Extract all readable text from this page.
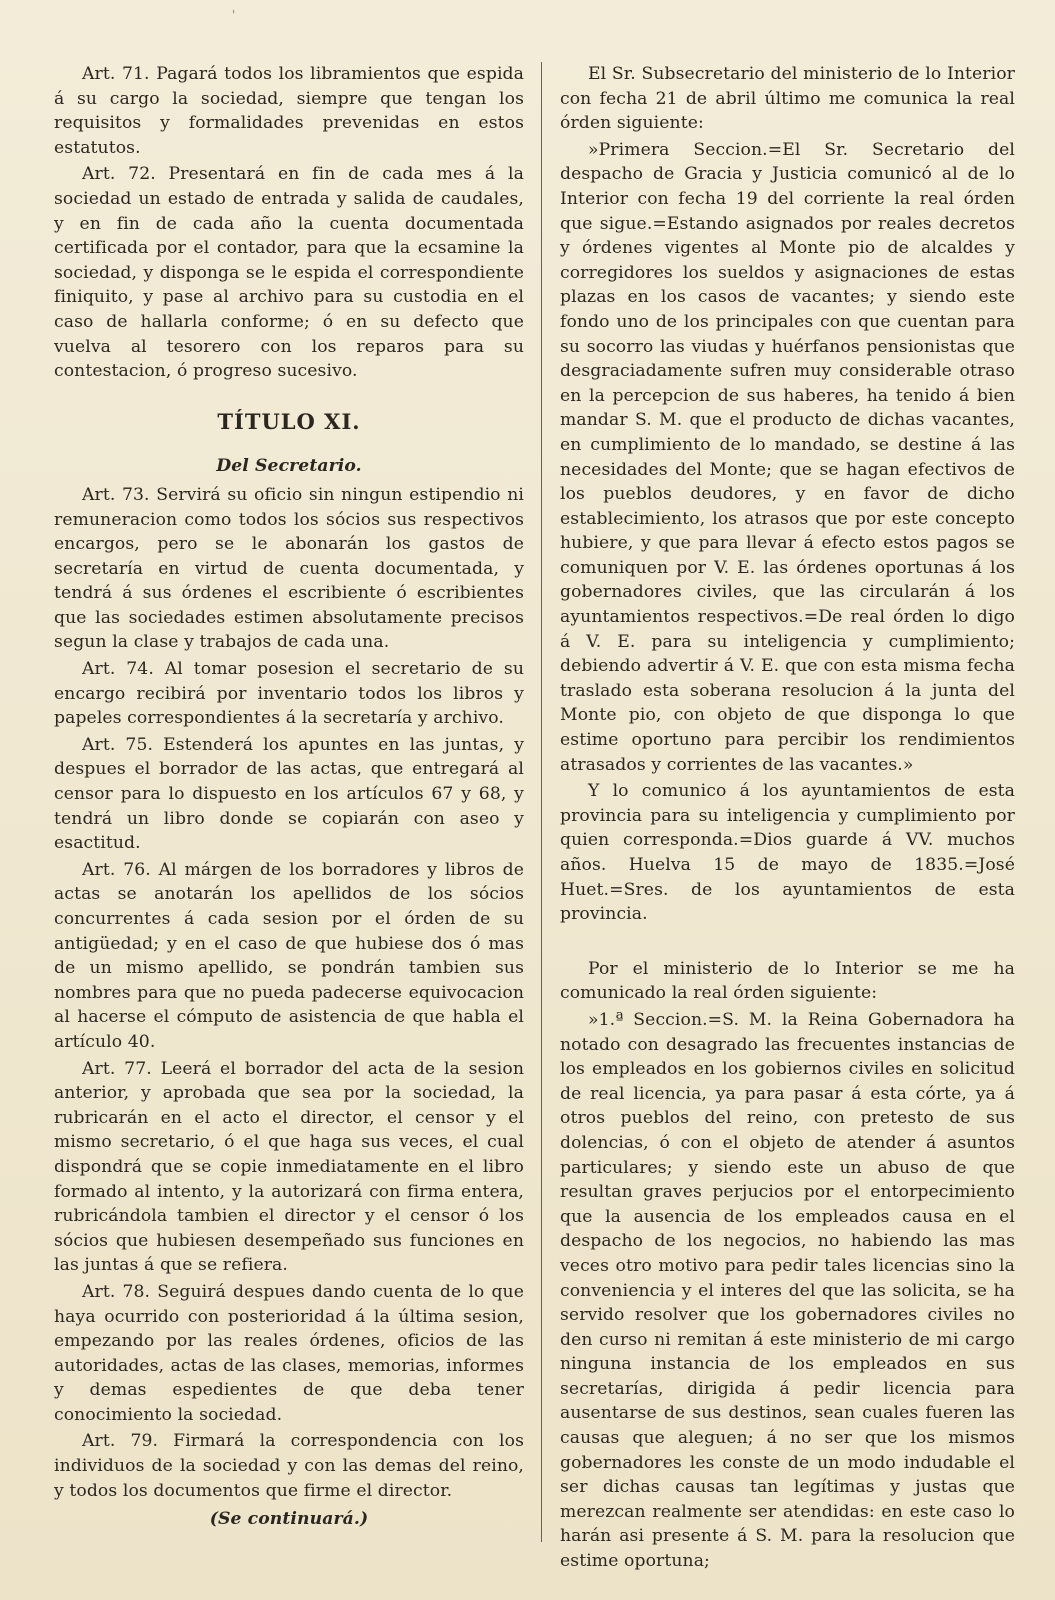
'

Art. 71. Pagará todos los libramientos que espida á su cargo la sociedad, siempre que tengan los requisitos y formalidades prevenidas en estos estatutos.

Art. 72. Presentará en fin de cada mes á la sociedad un estado de entrada y salida de caudales, y en fin de cada año la cuenta documentada certificada por el contador, para que la ecsamine la sociedad, y disponga se le espida el correspondiente finiquito, y pase al archivo para su custodia en el caso de hallarla conforme; ó en su defecto que vuelva al tesorero con los reparos para su contestacion, ó progreso sucesivo.

TÍTULO XI.
Del Secretario.

Art. 73. Servirá su oficio sin ningun estipendio ni remuneracion como todos los sócios sus respectivos encargos, pero se le abonarán los gastos de secretaría en virtud de cuenta documentada, y tendrá á sus órdenes el escribiente ó escribientes que las sociedades estimen absolutamente precisos segun la clase y trabajos de cada una.

Art. 74. Al tomar posesion el secretario de su encargo recibirá por inventario todos los libros y papeles correspondientes á la secretaría y archivo.

Art. 75. Estenderá los apuntes en las juntas, y despues el borrador de las actas, que entregará al censor para lo dispuesto en los artículos 67 y 68, y tendrá un libro donde se copiarán con aseo y esactitud.

Art. 76. Al márgen de los borradores y libros de actas se anotarán los apellidos de los sócios concurrentes á cada sesion por el órden de su antigüedad; y en el caso de que hubiese dos ó mas de un mismo apellido, se pondrán tambien sus nombres para que no pueda padecerse equivocacion al hacerse el cómputo de asistencia de que habla el artículo 40.

Art. 77. Leerá el borrador del acta de la sesion anterior, y aprobada que sea por la sociedad, la rubricarán en el acto el director, el censor y el mismo secretario, ó el que haga sus veces, el cual dispondrá que se copie inmediatamente en el libro formado al intento, y la autorizará con firma entera, rubricándola tambien el director y el censor ó los sócios que hubiesen desempeñado sus funciones en las juntas á que se refiera.

Art. 78. Seguirá despues dando cuenta de lo que haya ocurrido con posterioridad á la última sesion, empezando por las reales órdenes, oficios de las autoridades, actas de las clases, memorias, informes y demas espedientes de que deba tener conocimiento la sociedad.

Art. 79. Firmará la correspondencia con los individuos de la sociedad y con las demas del reino, y todos los documentos que firme el director.

(Se continuará.)

El Sr. Subsecretario del ministerio de lo Interior con fecha 21 de abril último me comunica la real órden siguiente:

»Primera Seccion.=El Sr. Secretario del despacho de Gracia y Justicia comunicó al de lo Interior con fecha 19 del corriente la real órden que sigue.=Estando asignados por reales decretos y órdenes vigentes al Monte pio de alcaldes y corregidores los sueldos y asignaciones de estas plazas en los casos de vacantes; y siendo este fondo uno de los principales con que cuentan para su socorro las viudas y huérfanos pensionistas que desgraciadamente sufren muy considerable otraso en la percepcion de sus haberes, ha tenido á bien mandar S. M. que el producto de dichas vacantes, en cumplimiento de lo mandado, se destine á las necesidades del Monte; que se hagan efectivos de los pueblos deudores, y en favor de dicho establecimiento, los atrasos que por este concepto hubiere, y que para llevar á efecto estos pagos se comuniquen por V. E. las órdenes oportunas á los gobernadores civiles, que las circularán á los ayuntamientos respectivos.=De real órden lo digo á V. E. para su inteligencia y cumplimiento; debiendo advertir á V. E. que con esta misma fecha traslado esta soberana resolucion á la junta del Monte pio, con objeto de que disponga lo que estime oportuno para percibir los rendimientos atrasados y corrientes de las vacantes.»

Y lo comunico á los ayuntamientos de esta provincia para su inteligencia y cumplimiento por quien corresponda.=Dios guarde á VV. muchos años. Huelva 15 de mayo de 1835.=José Huet.=Sres. de los ayuntamientos de esta provincia.

Por el ministerio de lo Interior se me ha comunicado la real órden siguiente:

»1.ª Seccion.=S. M. la Reina Gobernadora ha notado con desagrado las frecuentes instancias de los empleados en los gobiernos civiles en solicitud de real licencia, ya para pasar á esta córte, ya á otros pueblos del reino, con pretesto de sus dolencias, ó con el objeto de atender á asuntos particulares; y siendo este un abuso de que resultan graves perjucios por el entorpecimiento que la ausencia de los empleados causa en el despacho de los negocios, no habiendo las mas veces otro motivo para pedir tales licencias sino la conveniencia y el interes del que las solicita, se ha servido resolver que los gobernadores civiles no den curso ni remitan á este ministerio de mi cargo ninguna instancia de los empleados en sus secretarías, dirigida á pedir licencia para ausentarse de sus destinos, sean cuales fueren las causas que aleguen; á no ser que los mismos gobernadores les conste de un modo indudable el ser dichas causas tan legítimas y justas que merezcan realmente ser atendidas: en este caso lo harán asi presente á S. M. para la resolucion que estime oportuna;
